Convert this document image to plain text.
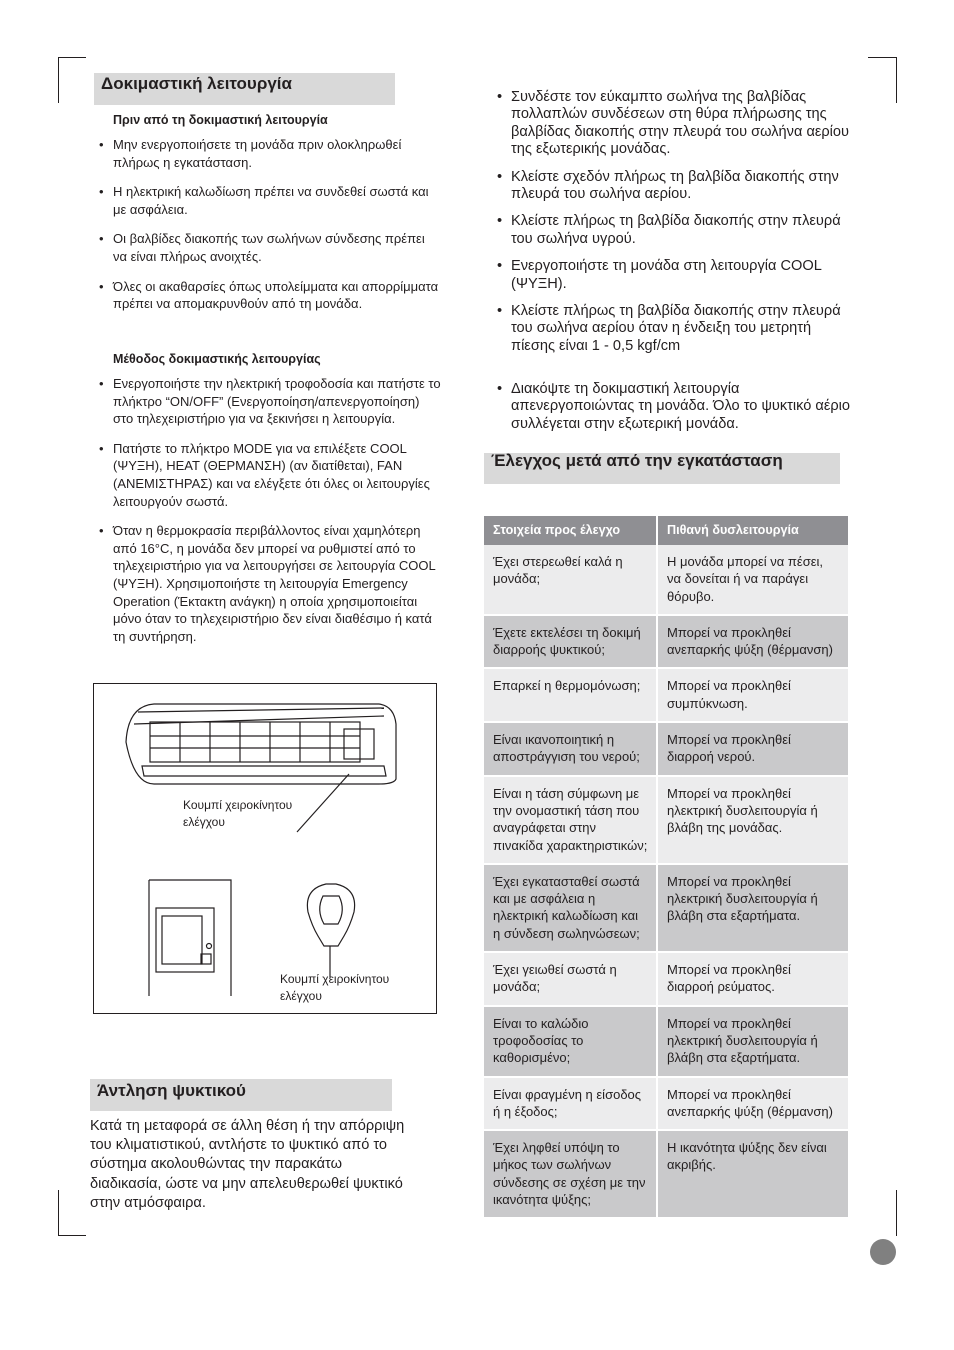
Δοκιμαστική λειτουργία
Πριν από τη δοκιμαστική λειτουργία
• Μην ενεργοποιήσετε τη μονάδα πριν ολοκληρωθεί πλήρως η εγκατάσταση.
• Η ηλεκτρική καλωδίωση πρέπει να συνδεθεί σωστά και με ασφάλεια.
• Οι βαλβίδες διακοπής των σωλήνων σύνδεσης πρέπει να είναι πλήρως ανοιχτές.
• Όλες οι ακαθαρσίες όπως υπολείμματα και απορρίμματα πρέπει να απομακρυνθούν από τη μονάδα.
Μέθοδος δοκιμαστικής λειτουργίας
• Ενεργοποιήστε την ηλεκτρική τροφοδοσία και πατήστε το πλήκτρο “ON/OFF” (Ενεργοποίηση/απενεργοποίηση) στο τηλεχειριστήριο για να ξεκινήσει η λειτουργία.
• Πατήστε το πλήκτρο MODE για να επιλέξετε COOL (ΨΥΞΗ), HEAT (ΘΕΡΜΑΝΣΗ) (αν διατίθεται), FAN (ΑΝΕΜΙΣΤΗΡΑΣ) και να ελέγξετε ότι όλες οι λειτουργίες λειτουργούν σωστά.
• Όταν η θερμοκρασία περιβάλλοντος είναι χαμηλότερη από 16°C, η μονάδα δεν μπορεί να ρυθμιστεί από το τηλεχειριστήριο για να λειτουργήσει σε λειτουργία COOL (ΨΥΞΗ). Χρησιμοποιήστε τη λειτουργία Emergency Operation (Έκτακτη ανάγκη) η οποία χρησιμοποιείται μόνο όταν το τηλεχειριστήριο δεν είναι διαθέσιμο ή κατά τη συντήρηση.
Κουμπί χειροκίνητου ελέγχου
Κουμπί χειροκίνητου ελέγχου
Άντληση ψυκτικού

Κατά τη μεταφορά σε άλλη θέση ή την απόρριψη του κλιματιστικού, αντλήστε το ψυκτικό από το σύστημα ακολουθώντας την παρακάτω διαδικασία, ώστε να μην απελευθερωθεί ψυκτικό στην ατμόσφαιρα.

• Συνδέστε τον εύκαμπτο σωλήνα της βαλβίδας πολλαπλών συνδέσεων στη θύρα πλήρωσης της βαλβίδας διακοπής στην πλευρά του σωλήνα αερίου της εξωτερικής μονάδας.
• Κλείστε σχεδόν πλήρως τη βαλβίδα διακοπής στην πλευρά του σωλήνα αερίου.
• Κλείστε πλήρως τη βαλβίδα διακοπής στην πλευρά του σωλήνα υγρού.
• Ενεργοποιήστε τη μονάδα στη λειτουργία COOL (ΨΥΞΗ).
• Κλείστε πλήρως τη βαλβίδα διακοπής στην πλευρά του σωλήνα αερίου όταν η ένδειξη του μετρητή πίεσης είναι 1 - 0,5 kgf/cm
• Διακόψτε τη δοκιμαστική λειτουργία απενεργοποιώντας τη μονάδα. Όλο το ψυκτικό αέριο συλλέγεται στην εξωτερική μονάδα.
Έλεγχος μετά από την εγκατάσταση
Στοιχεία προς έλεγχο	Πιθανή δυσλειτουργία
Έχει στερεωθεί καλά η μονάδα;	Η μονάδα μπορεί να πέσει, να δονείται ή να παράγει θόρυβο.
Έχετε εκτελέσει τη δοκιμή διαρροής ψυκτικού;	Μπορεί να προκληθεί ανεπαρκής ψύξη (θέρμανση)
Επαρκεί η θερμομόνωση;	Μπορεί να προκληθεί συμπύκνωση.
Είναι ικανοποιητική η αποστράγγιση του νερού;	Μπορεί να προκληθεί διαρροή νερού.
Είναι η τάση σύμφωνη με την ονομαστική τάση που αναγράφεται στην πινακίδα χαρακτηριστικών;	Μπορεί να προκληθεί ηλεκτρική δυσλειτουργία ή βλάβη της μονάδας.
Έχει εγκατασταθεί σωστά και με ασφάλεια η ηλεκτρική καλωδίωση και η σύνδεση σωληνώσεων;	Μπορεί να προκληθεί ηλεκτρική δυσλειτουργία ή βλάβη στα εξαρτήματα.
Έχει γειωθεί σωστά η μονάδα;	Μπορεί να προκληθεί διαρροή ρεύματος.
Είναι το καλώδιο τροφοδοσίας το καθορισμένο;	Μπορεί να προκληθεί ηλεκτρική δυσλειτουργία ή βλάβη στα εξαρτήματα.
Είναι φραγμένη η είσοδος ή η έξοδος;	Μπορεί να προκληθεί ανεπαρκής ψύξη (θέρμανση)
Έχει ληφθεί υπόψη το μήκος των σωλήνων σύνδεσης σε σχέση με την ικανότητα ψύξης;	Η ικανότητα ψύξης δεν είναι ακριβής.
